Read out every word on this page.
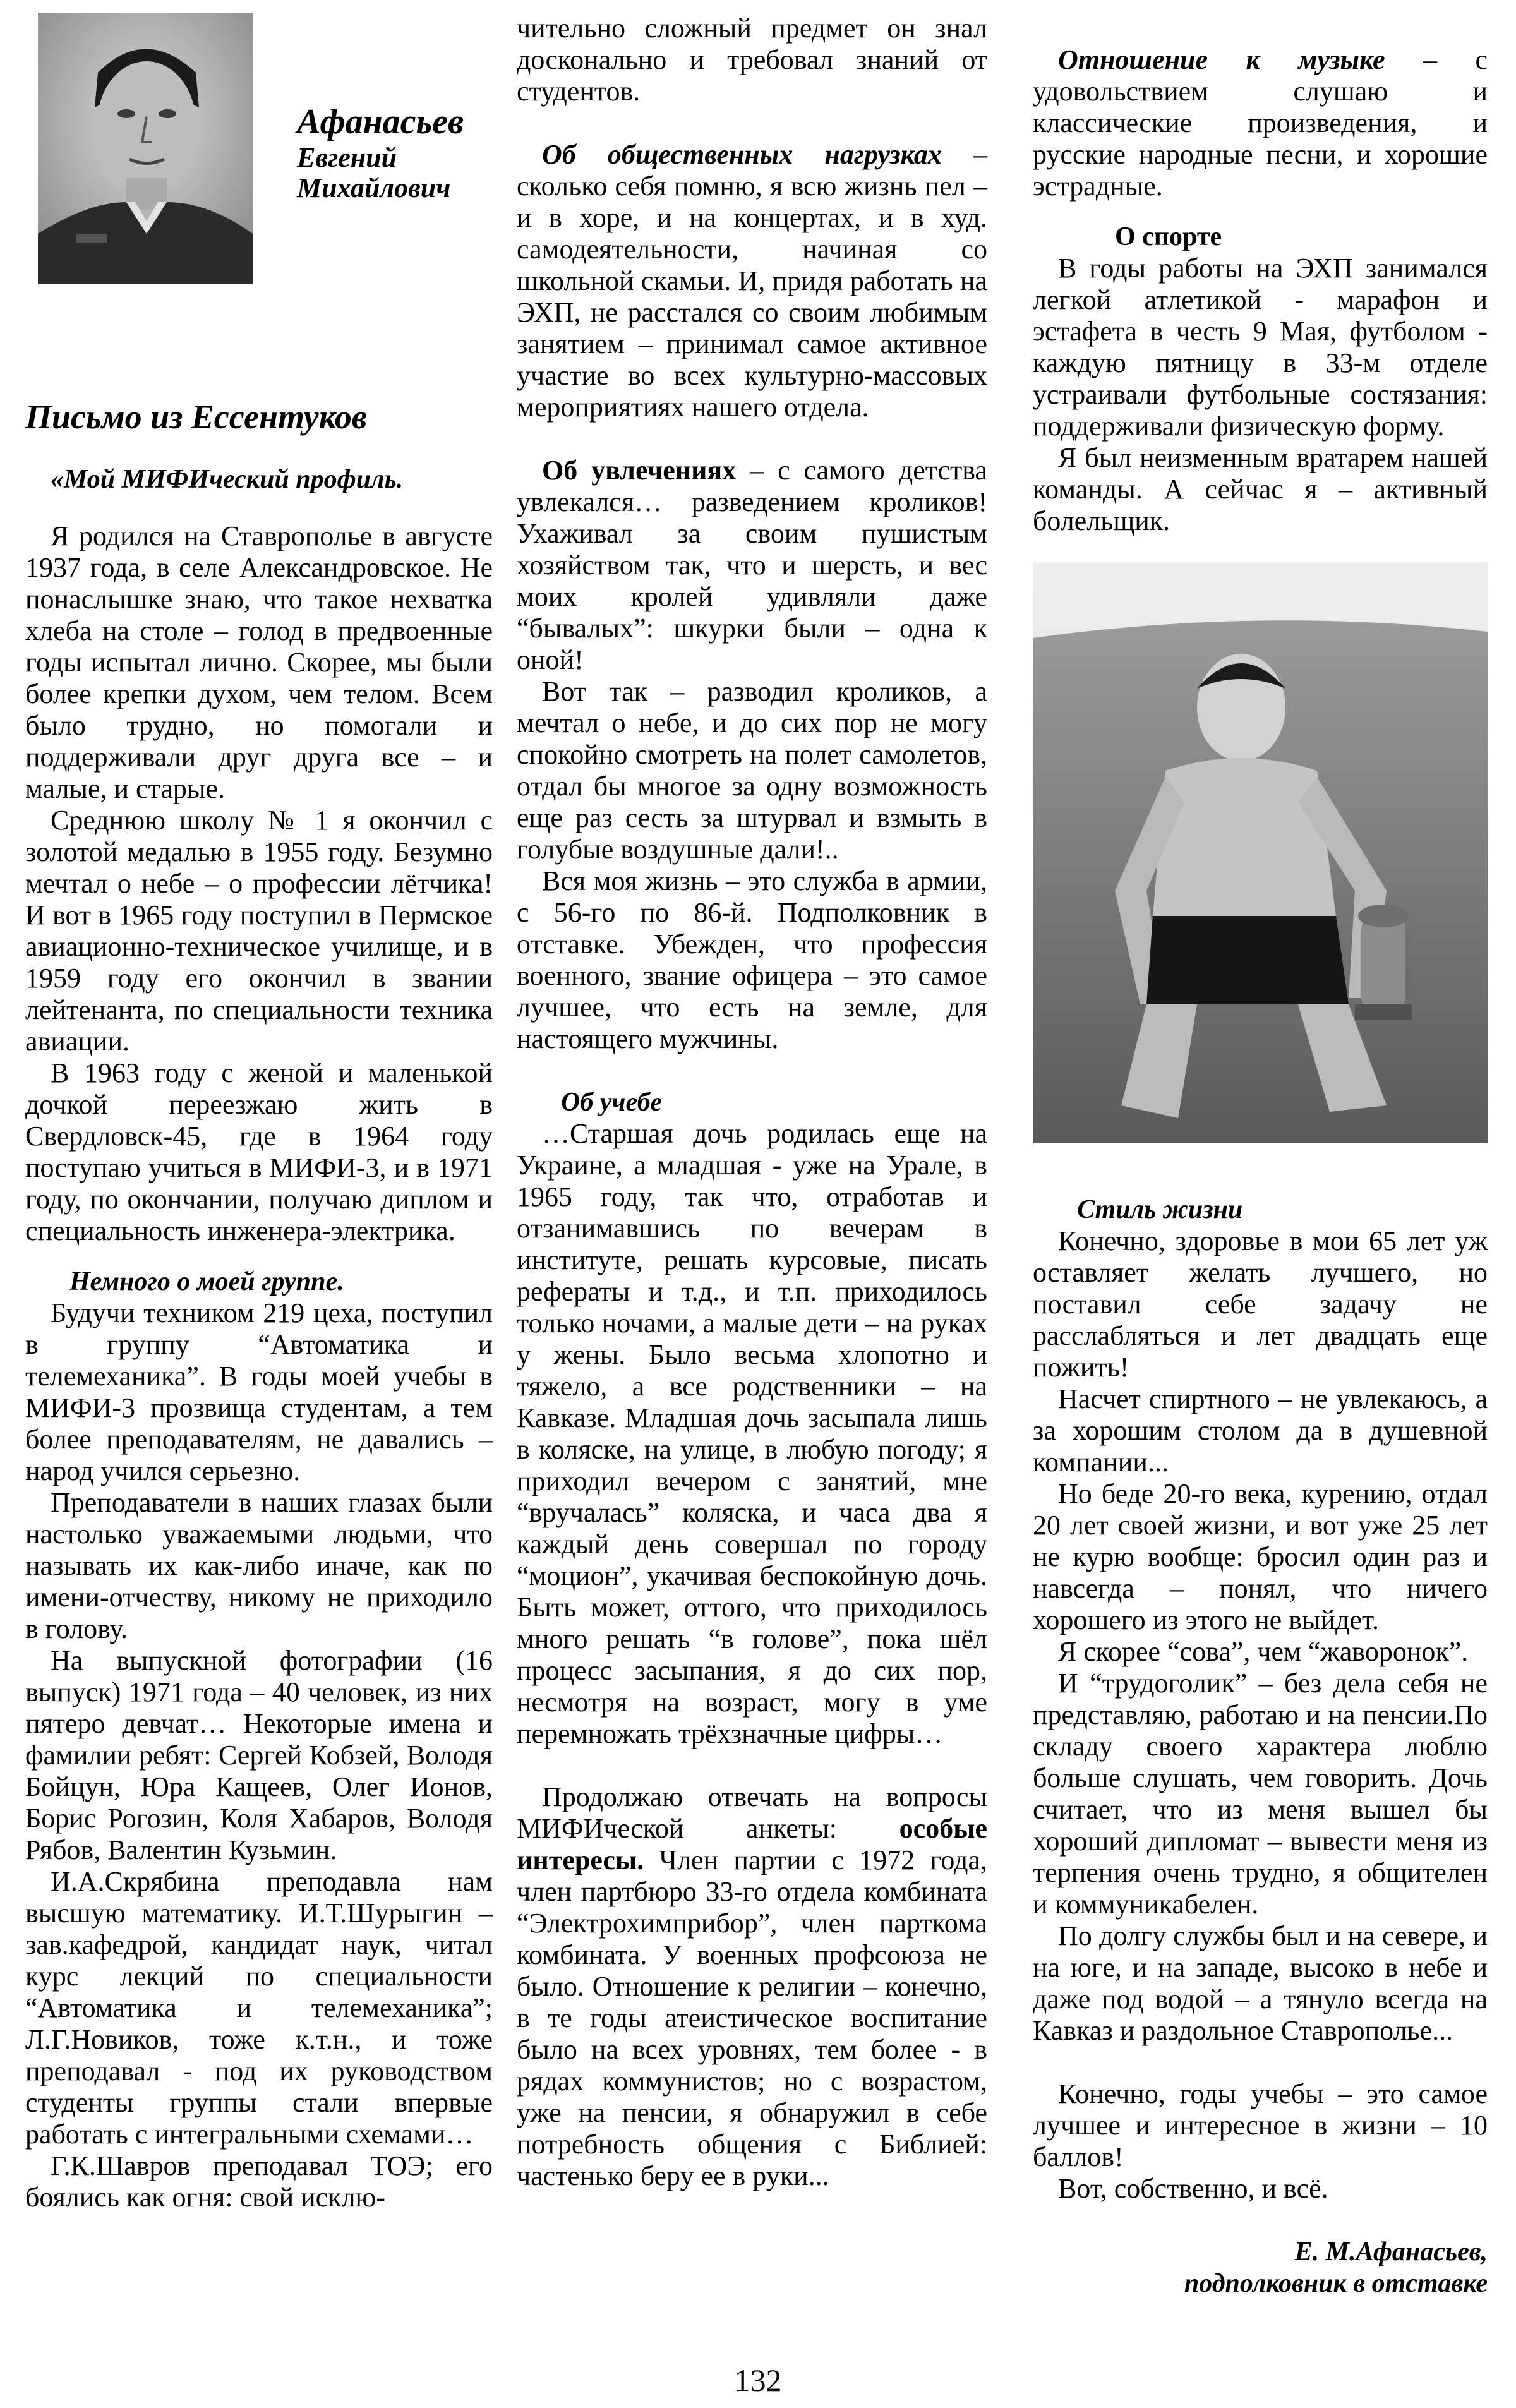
Афанасьев
Евгений
Михайлович
Письмо из Ессентуков
«Мой МИФИческий профиль.

Я родился на Ставрополье в августе 1937 года, в селе Александровское. Не понаслышке знаю, что такое нехватка хлеба на столе – голод в предвоенные годы испытал лично. Скорее, мы были более крепки духом, чем телом. Всем было трудно, но помогали и поддерживали друг друга все – и малые, и старые.

Среднюю школу № 1 я окончил с золотой медалью в 1955 году. Безумно мечтал о небе – о профессии лётчика! И вот в 1965 году поступил в Пермское авиационно-техническое училище, и в 1959 году его окончил в звании лейтенанта, по специальности техника авиации.

В 1963 году с женой и маленькой дочкой переезжаю жить в Свердловск-45, где в 1964 году поступаю учиться в МИФИ-3, и в 1971 году, по окончании, получаю диплом и специальность инженера-электрика.

Немного о моей группе.

Будучи техником 219 цеха, поступил в группу “Автоматика и телемеханика”. В годы моей учебы в МИФИ-3 прозвища студентам, а тем более преподавателям, не давались – народ учился серьезно.

Преподаватели в наших глазах были настолько уважаемыми людьми, что называть их как-либо иначе, как по имени-отчеству, никому не приходило в голову.

На выпускной фотографии (16 выпуск) 1971 года – 40 человек, из них пятеро девчат… Некоторые имена и фамилии ребят: Сергей Кобзей, Володя Бойцун, Юра Кащеев, Олег Ионов, Борис Рогозин, Коля Хабаров, Володя Рябов, Валентин Кузьмин.

И.А.Скрябина преподавла нам высшую математику. И.Т.Шурыгин – зав.кафедрой, кандидат наук, читал курс лекций по специальности “Автоматика и телемеханика”; Л.Г.Новиков, тоже к.т.н., и тоже преподавал - под их руководством студенты группы стали впервые работать с интегральными схемами…

Г.К.Шавров преподавал ТОЭ; его боялись как огня: свой исклю-

чительно сложный предмет он знал досконально и требовал знаний от студентов.

Об общественных нагрузках – сколько себя помню, я всю жизнь пел – и в хоре, и на концертах, и в худ. самодеятельности, начиная со школьной скамьи. И, придя работать на ЭХП, не расстался со своим любимым занятием – принимал самое активное участие во всех культурно-массовых мероприятиях нашего отдела.

Об увлечениях – с самого детства увлекался… разведением кроликов! Ухаживал за своим пушистым хозяйством так, что и шерсть, и вес моих кролей удивляли даже “бывалых”: шкурки были – одна к оной!

Вот так – разводил кроликов, а мечтал о небе, и до сих пор не могу спокойно смотреть на полет самолетов, отдал бы многое за одну возможность еще раз сесть за штурвал и взмыть в голубые воздушные дали!..

Вся моя жизнь – это служба в армии, с 56-го по 86-й. Подполковник в отставке. Убежден, что профессия военного, звание офицера – это самое лучшее, что есть на земле, для настоящего мужчины.

Об учебе

…Старшая дочь родилась еще на Украине, а младшая - уже на Урале, в 1965 году, так что, отработав и отзанимавшись по вечерам в институте, решать курсовые, писать рефераты и т.д., и т.п. приходилось только ночами, а малые дети – на руках у жены. Было весьма хлопотно и тяжело, а все родственники – на Кавказе. Младшая дочь засыпала лишь в коляске, на улице, в любую погоду; я приходил вечером с занятий, мне “вручалась” коляска, и часа два я каждый день совершал по городу “моцион”, укачивая беспокойную дочь. Быть может, оттого, что приходилось много решать “в голове”, пока шёл процесс засыпания, я до сих пор, несмотря на возраст, могу в уме перемножать трёхзначные цифры…

Продолжаю отвечать на вопросы МИФИческой анкеты: особые интересы. Член партии с 1972 года, член партбюро 33-го отдела комбината “Электрохимприбор”, член парткома комбината. У военных профсоюза не было. Отношение к религии – конечно, в те годы атеистическое воспитание было на всех уровнях, тем более - в рядах коммунистов; но с возрастом, уже на пенсии, я обнаружил в себе потребность общения с Библией: частенько беру ее в руки...

Отношение к музыке – с удовольствием слушаю и классические произведения, и русские народные песни, и хорошие эстрадные.

О спорте

В годы работы на ЭХП занимался легкой атлетикой - марафон и эстафета в честь 9 Мая, футболом - каждую пятницу в 33-м отделе устраивали футбольные состязания: поддерживали физическую форму.

Я был неизменным вратарем нашей команды. А сейчас я – активный болельщик.

Стиль жизни

Конечно, здоровье в мои 65 лет уж оставляет желать лучшего, но поставил себе задачу не расслабляться и лет двадцать еще пожить!

Насчет спиртного – не увлекаюсь, а за хорошим столом да в душевной компании...

Но беде 20-го века, курению, отдал 20 лет своей жизни, и вот уже 25 лет не курю вообще: бросил один раз и навсегда – понял, что ничего хорошего из этого не выйдет.

Я скорее “сова”, чем “жаворонок”.

И “трудоголик” – без дела себя не представляю, работаю и на пенсии.По складу своего характера люблю больше слушать, чем говорить. Дочь считает, что из меня вышел бы хороший дипломат – вывести меня из терпения очень трудно, я общителен и коммуникабелен.

По долгу службы был и на севере, и на юге, и на западе, высоко в небе и даже под водой – а тянуло всегда на Кавказ и раздольное Ставрополье...

Конечно, годы учебы – это самое лучшее и интересное в жизни – 10 баллов!

Вот, собственно, и всё.

Е. М.Афанасьев,
подполковник в отставке
132
